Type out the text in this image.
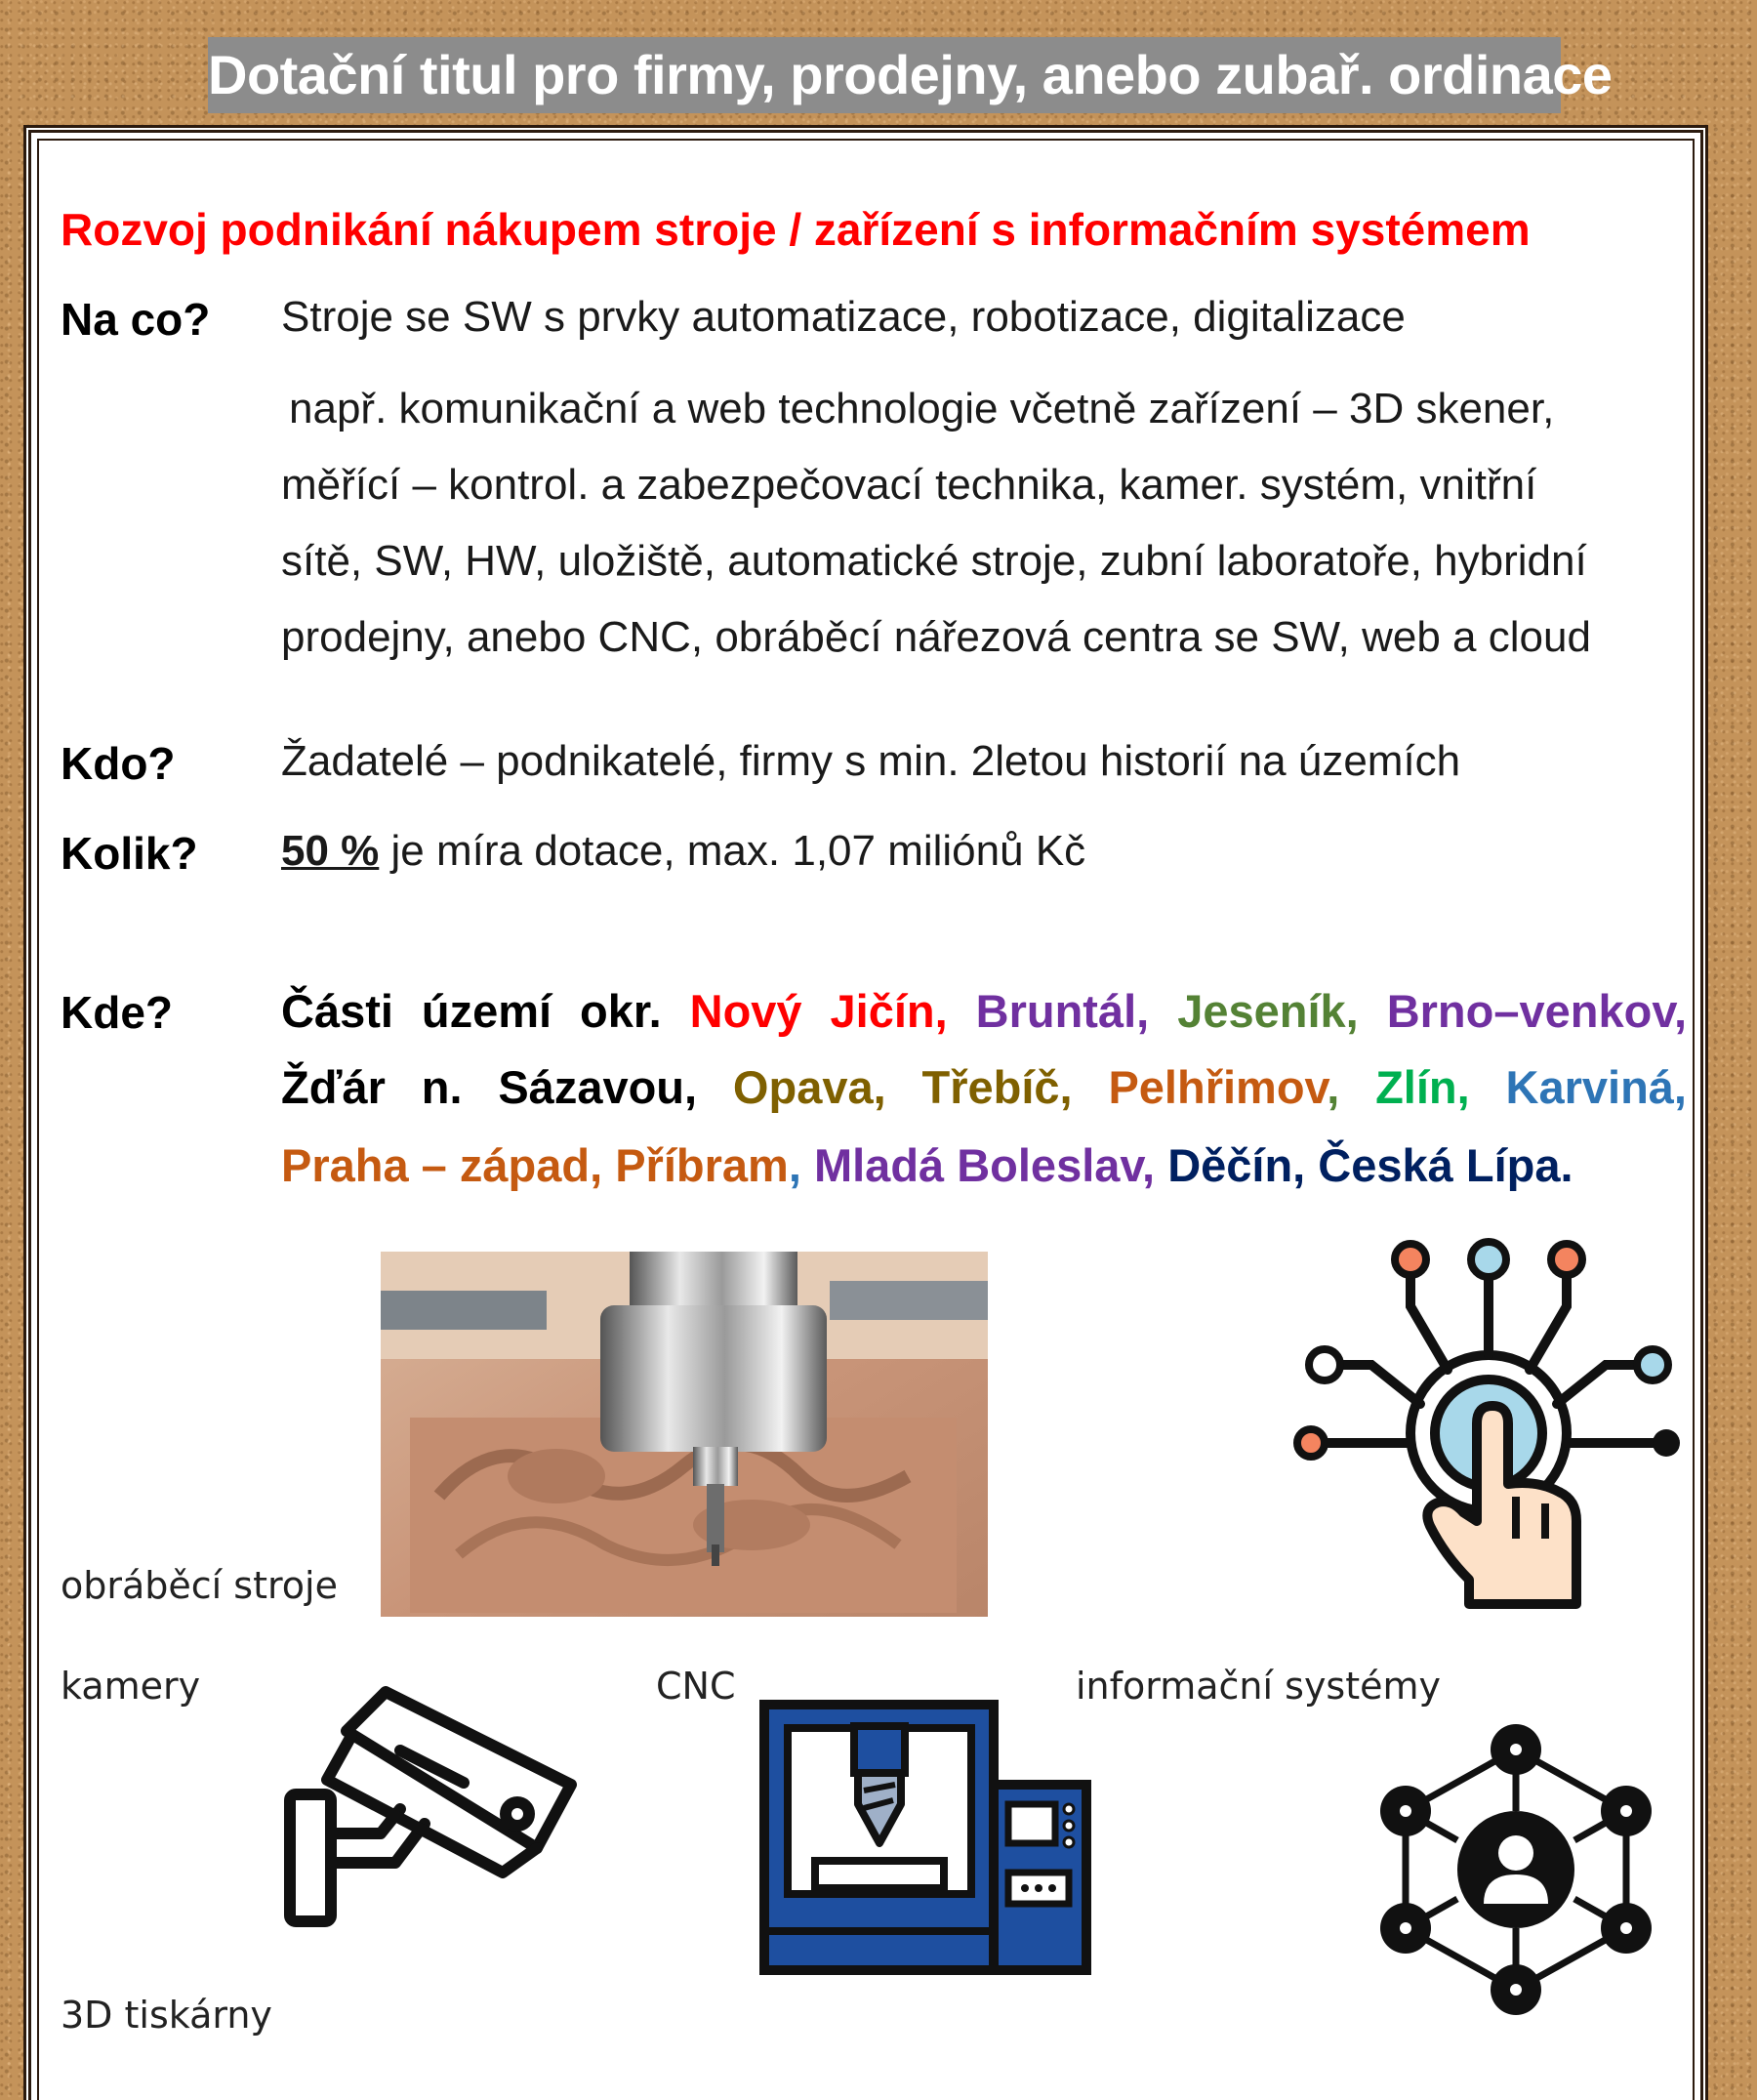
Dotační titul pro firmy, prodejny, anebo zubař. ordinace
Rozvoj podnikání nákupem stroje / zařízení s informačním systémem
Na co? Stroje se SW s prvky automatizace, robotizace, digitalizace
např. komunikační a web technologie včetně zařízení – 3D skener,
měřící – kontrol. a zabezpečovací technika, kamer. systém, vnitřní
sítě, SW, HW, uložiště, automatické stroje, zubní laboratoře, hybridní
prodejny, anebo CNC, obráběcí nářezová centra se SW, web a cloud
Kdo? Žadatelé – podnikatelé, firmy s min. 2letou historií na územích
Kolik? 50 % je míra dotace, max. 1,07 miliónů Kč
Kde? Části území okr. Nový Jičín, Bruntál, Jeseník, Brno–venkov,
Žďár n. Sázavou, Opava, Třebíč, Pelhřimov, Zlín, Karviná,
Praha – západ, Příbram, Mladá Boleslav, Děčín, Česká Lípa.
obráběcí stroje
kamery	CNC	informační systémy
3D tiskárny
